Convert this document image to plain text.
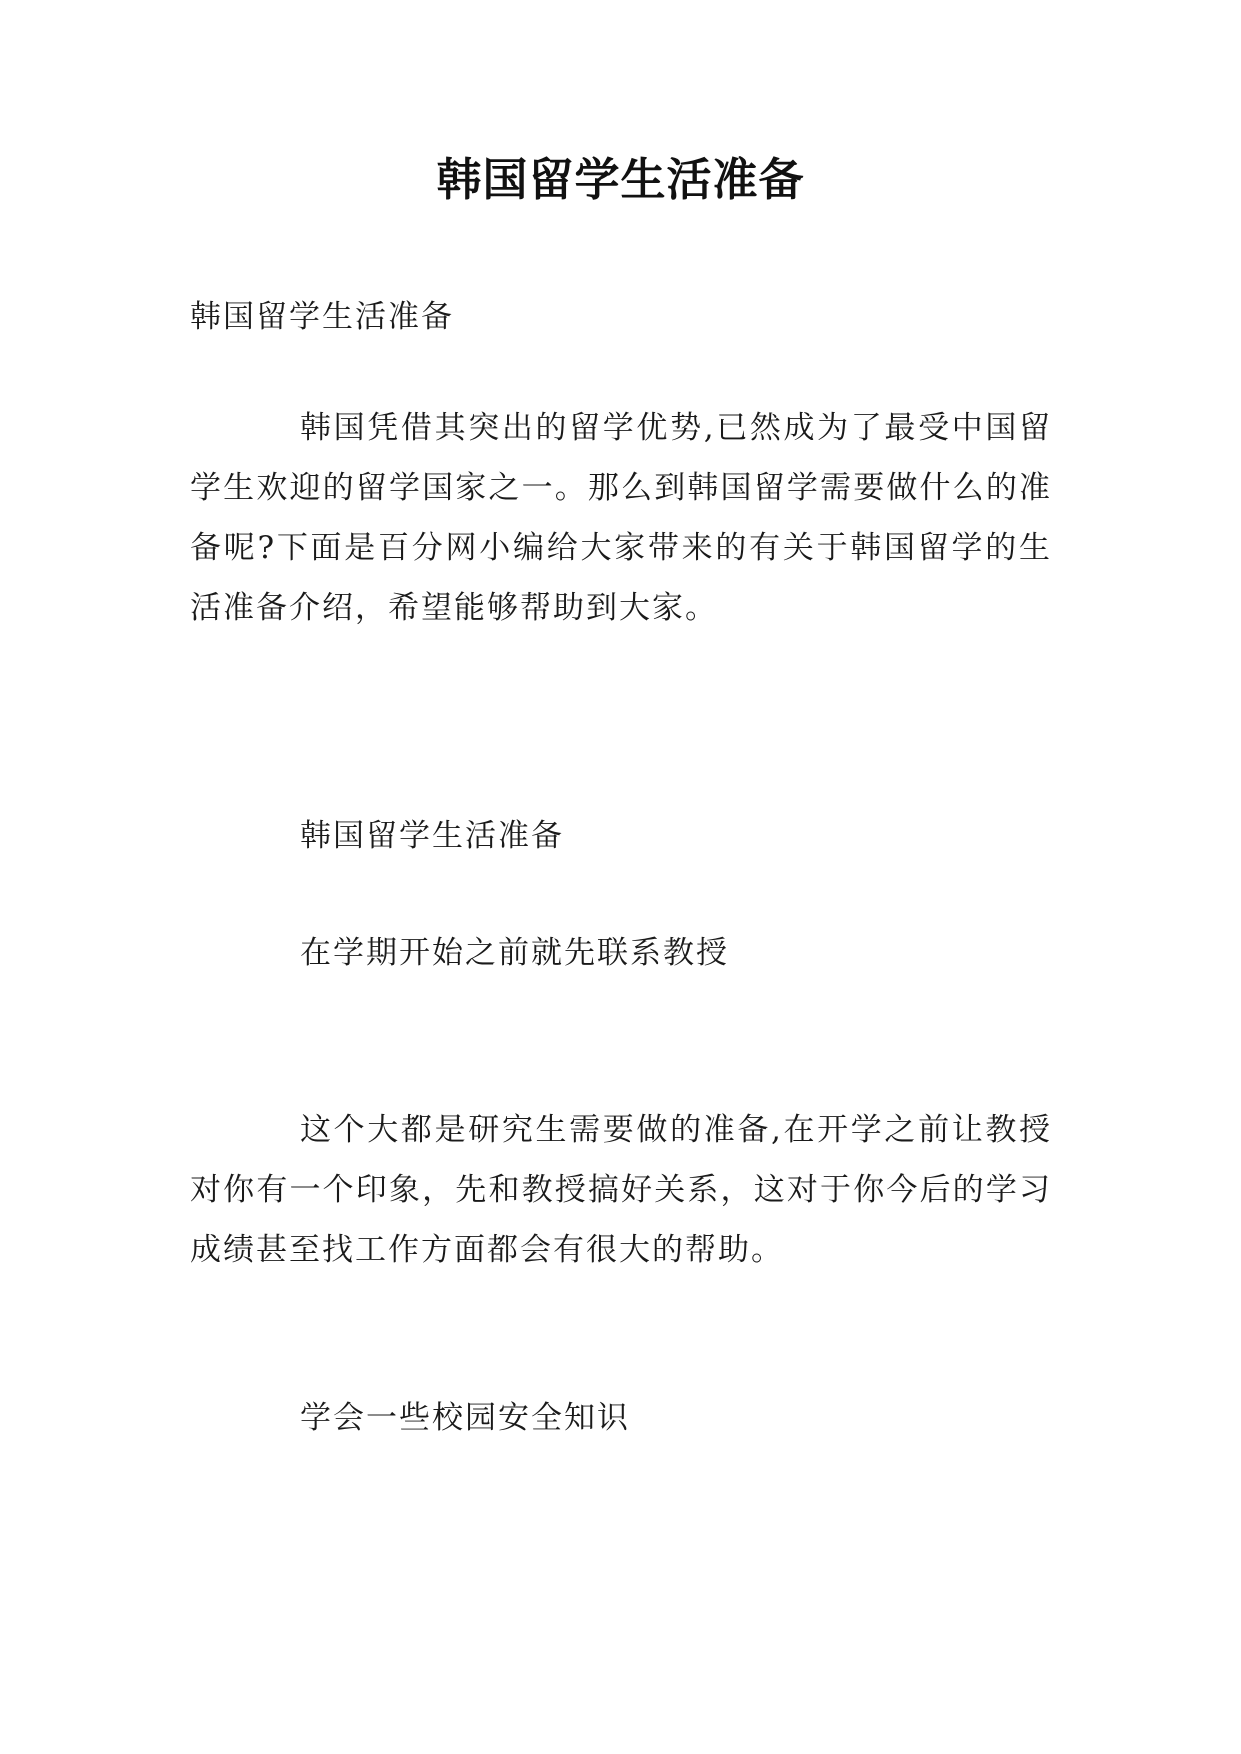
韩国留学生活准备
韩国留学生活准备
韩国凭借其突出的留学优势,已然成为了最受中国留学生欢迎的留学国家之一。那么到韩国留学需要做什么的准备呢?下面是百分网小编给大家带来的有关于韩国留学的生活准备介绍，希望能够帮助到大家。
韩国留学生活准备
在学期开始之前就先联系教授
这个大都是研究生需要做的准备,在开学之前让教授对你有一个印象，先和教授搞好关系，这对于你今后的学习成绩甚至找工作方面都会有很大的帮助。
学会一些校园安全知识
